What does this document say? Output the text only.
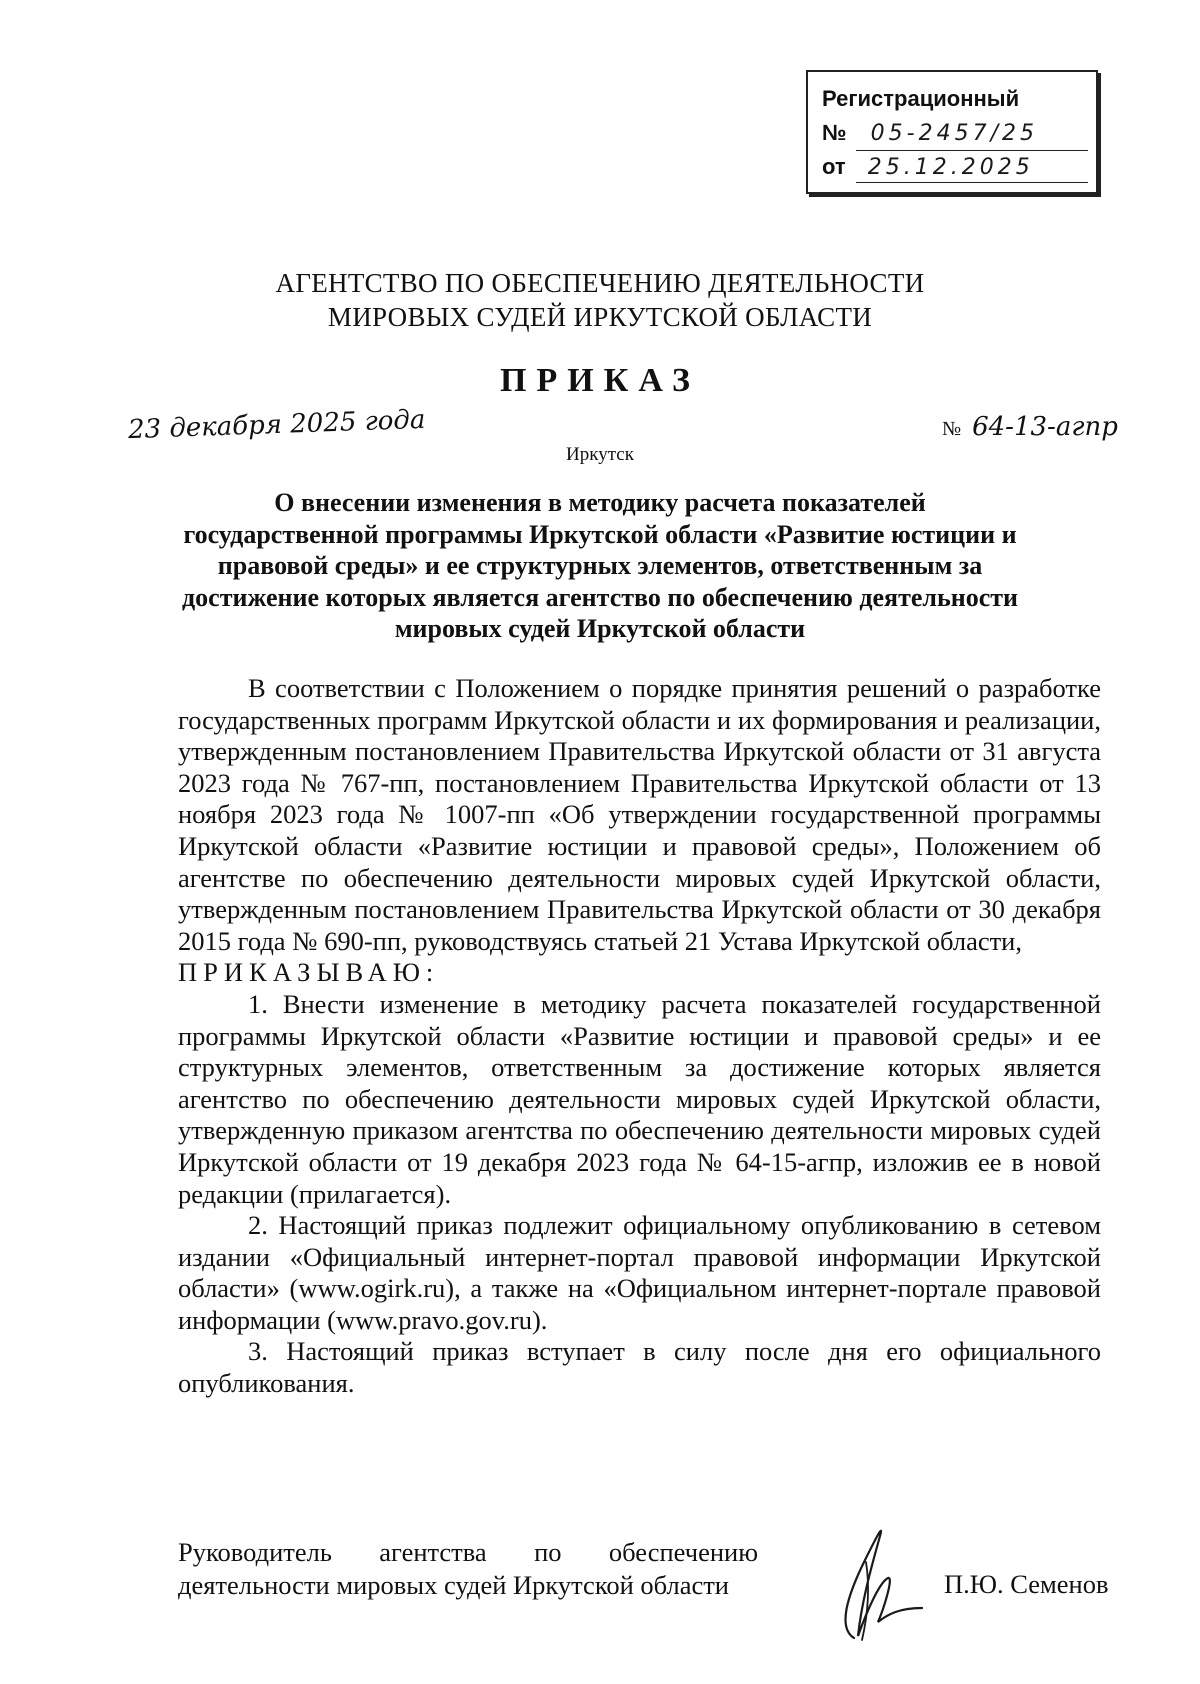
Регистрационный
№ 05-2457/25
от 25.12.2025
АГЕНТСТВО ПО ОБЕСПЕЧЕНИЮ ДЕЯТЕЛЬНОСТИ
МИРОВЫХ СУДЕЙ ИРКУТСКОЙ ОБЛАСТИ
ПРИКАЗ
23 декабря 2025 года	№ 64-13-агпр
Иркутск
О внесении изменения в методику расчета показателей государственной программы Иркутской области «Развитие юстиции и правовой среды» и ее структурных элементов, ответственным за достижение которых является агентство по обеспечению деятельности мировых судей Иркутской области

В соответствии с Положением о порядке принятия решений о разработке государственных программ Иркутской области и их формирования и реализации, утвержденным постановлением Правительства Иркутской области от 31 августа 2023 года № 767-пп, постановлением Правительства Иркутской области от 13 ноября 2023 года № 1007-пп «Об утверждении государственной программы Иркутской области «Развитие юстиции и правовой среды», Положением об агентстве по обеспечению деятельности мировых судей Иркутской области, утвержденным постановлением Правительства Иркутской области от 30 декабря 2015 года № 690-пп, руководствуясь статьей 21 Устава Иркутской области,

ПРИКАЗЫВАЮ:

1. Внести изменение в методику расчета показателей государственной программы Иркутской области «Развитие юстиции и правовой среды» и ее структурных элементов, ответственным за достижение которых является агентство по обеспечению деятельности мировых судей Иркутской области, утвержденную приказом агентства по обеспечению деятельности мировых судей Иркутской области от 19 декабря 2023 года № 64-15-агпр, изложив ее в новой редакции (прилагается).

2. Настоящий приказ подлежит официальному опубликованию в сетевом издании «Официальный интернет-портал правовой информации Иркутской области» (www.ogirk.ru), а также на «Официальном интернет-портале правовой информации (www.pravo.gov.ru).

3. Настоящий приказ вступает в силу после дня его официального опубликования.

Руководитель агентства по обеспечению
деятельности мировых судей Иркутской области	П.Ю. Семенов
